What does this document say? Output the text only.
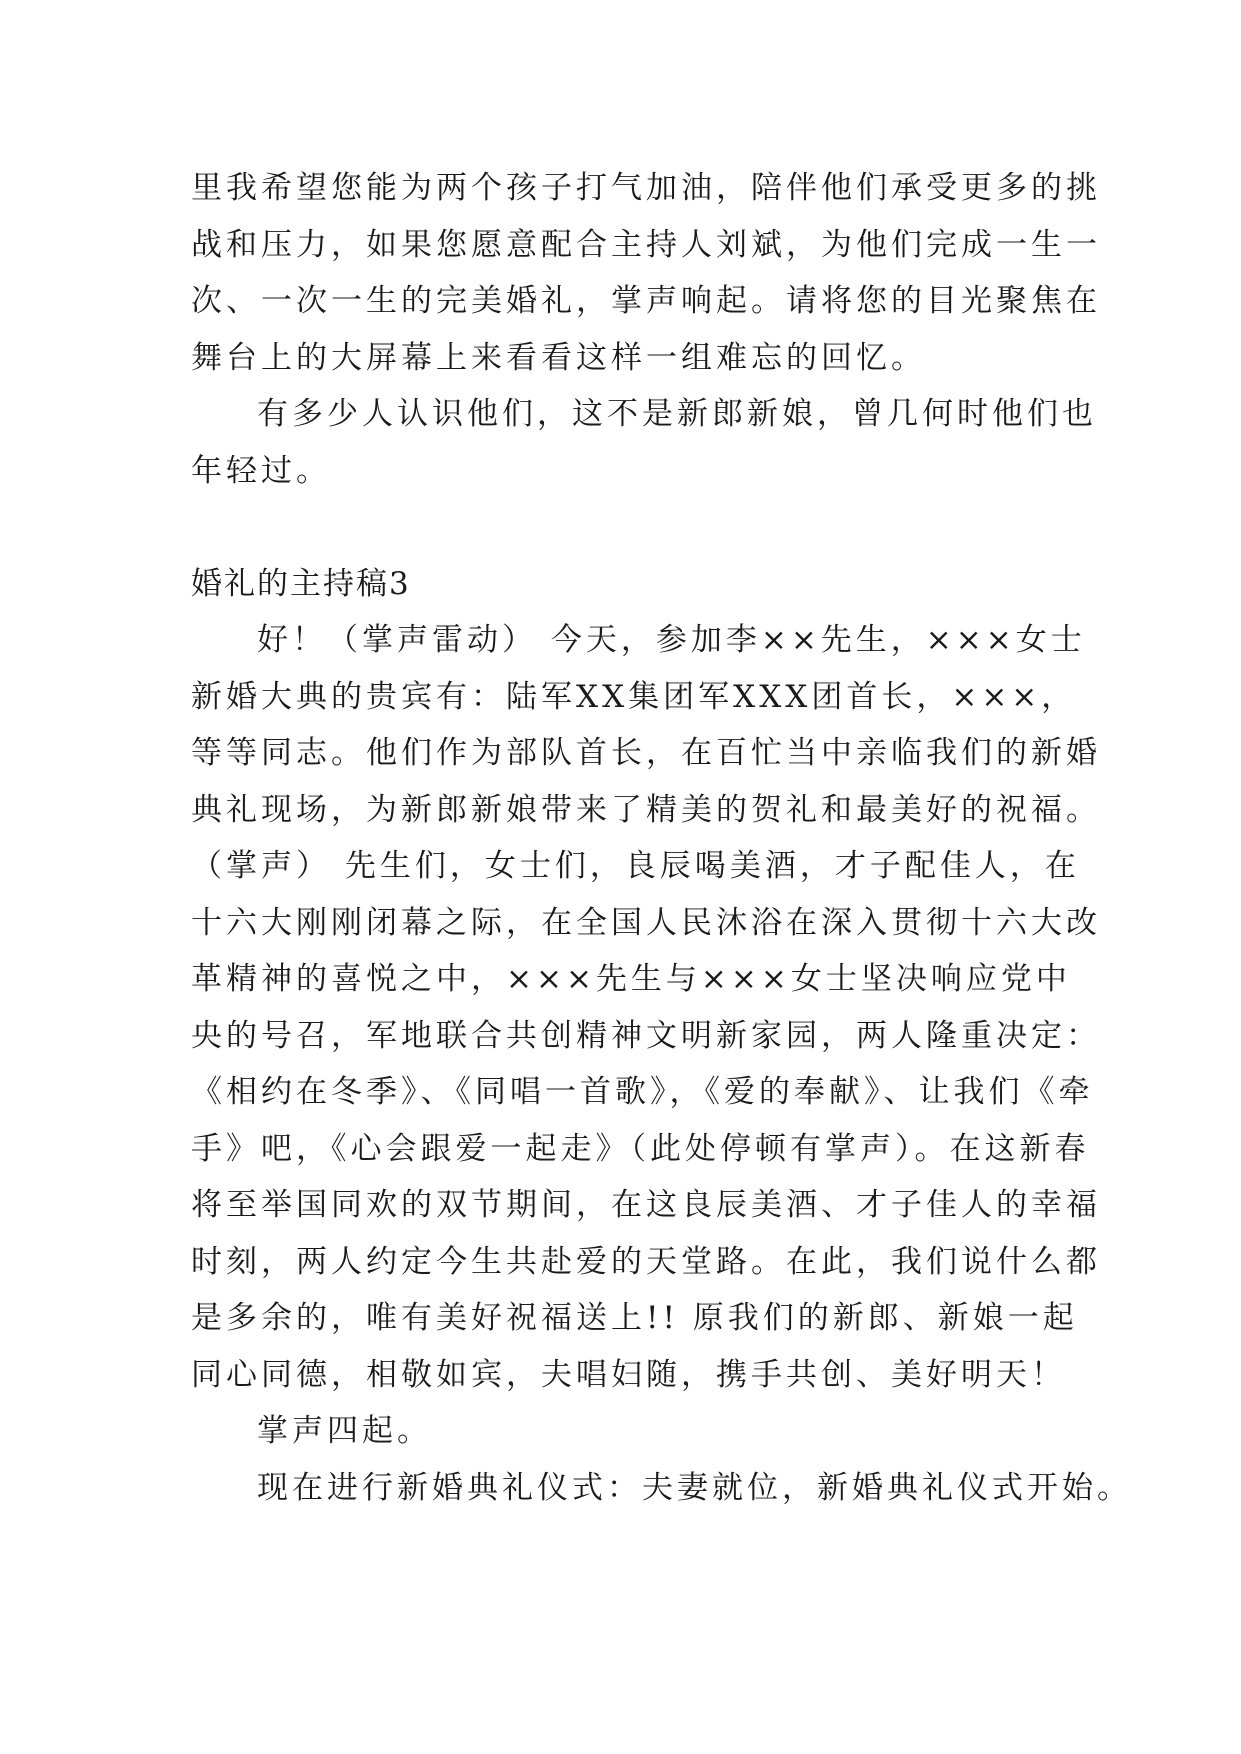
里我希望您能为两个孩子打气加油，陪伴他们承受更多的挑
战和压力，如果您愿意配合主持人刘斌，为他们完成一生一
次、一次一生的完美婚礼，掌声响起。请将您的目光聚焦在
舞台上的大屏幕上来看看这样一组难忘的回忆。
有多少人认识他们，这不是新郎新娘，曾几何时他们也
年轻过。
婚礼的主持稿3
好！（掌声雷动） 今天，参加李××先生，×××女士
新婚大典的贵宾有：陆军XX集团军XXX团首长，×××，
等等同志。他们作为部队首长，在百忙当中亲临我们的新婚
典礼现场，为新郎新娘带来了精美的贺礼和最美好的祝福。
（掌声） 先生们，女士们，良辰喝美酒，才子配佳人，在
十六大刚刚闭幕之际，在全国人民沐浴在深入贯彻十六大改
革精神的喜悦之中，×××先生与×××女士坚决响应党中
央的号召，军地联合共创精神文明新家园，两人隆重决定：
《相约在冬季》、《同唱一首歌》，《爱的奉献》、让我们《牵
手》吧，《心会跟爱一起走》（此处停顿有掌声）。在这新春
将至举国同欢的双节期间，在这良辰美酒、才子佳人的幸福
时刻，两人约定今生共赴爱的天堂路。在此，我们说什么都
是多余的，唯有美好祝福送上!! 原我们的新郎、新娘一起
同心同德，相敬如宾，夫唱妇随，携手共创、美好明天！
掌声四起。
现在进行新婚典礼仪式：夫妻就位，新婚典礼仪式开始。
